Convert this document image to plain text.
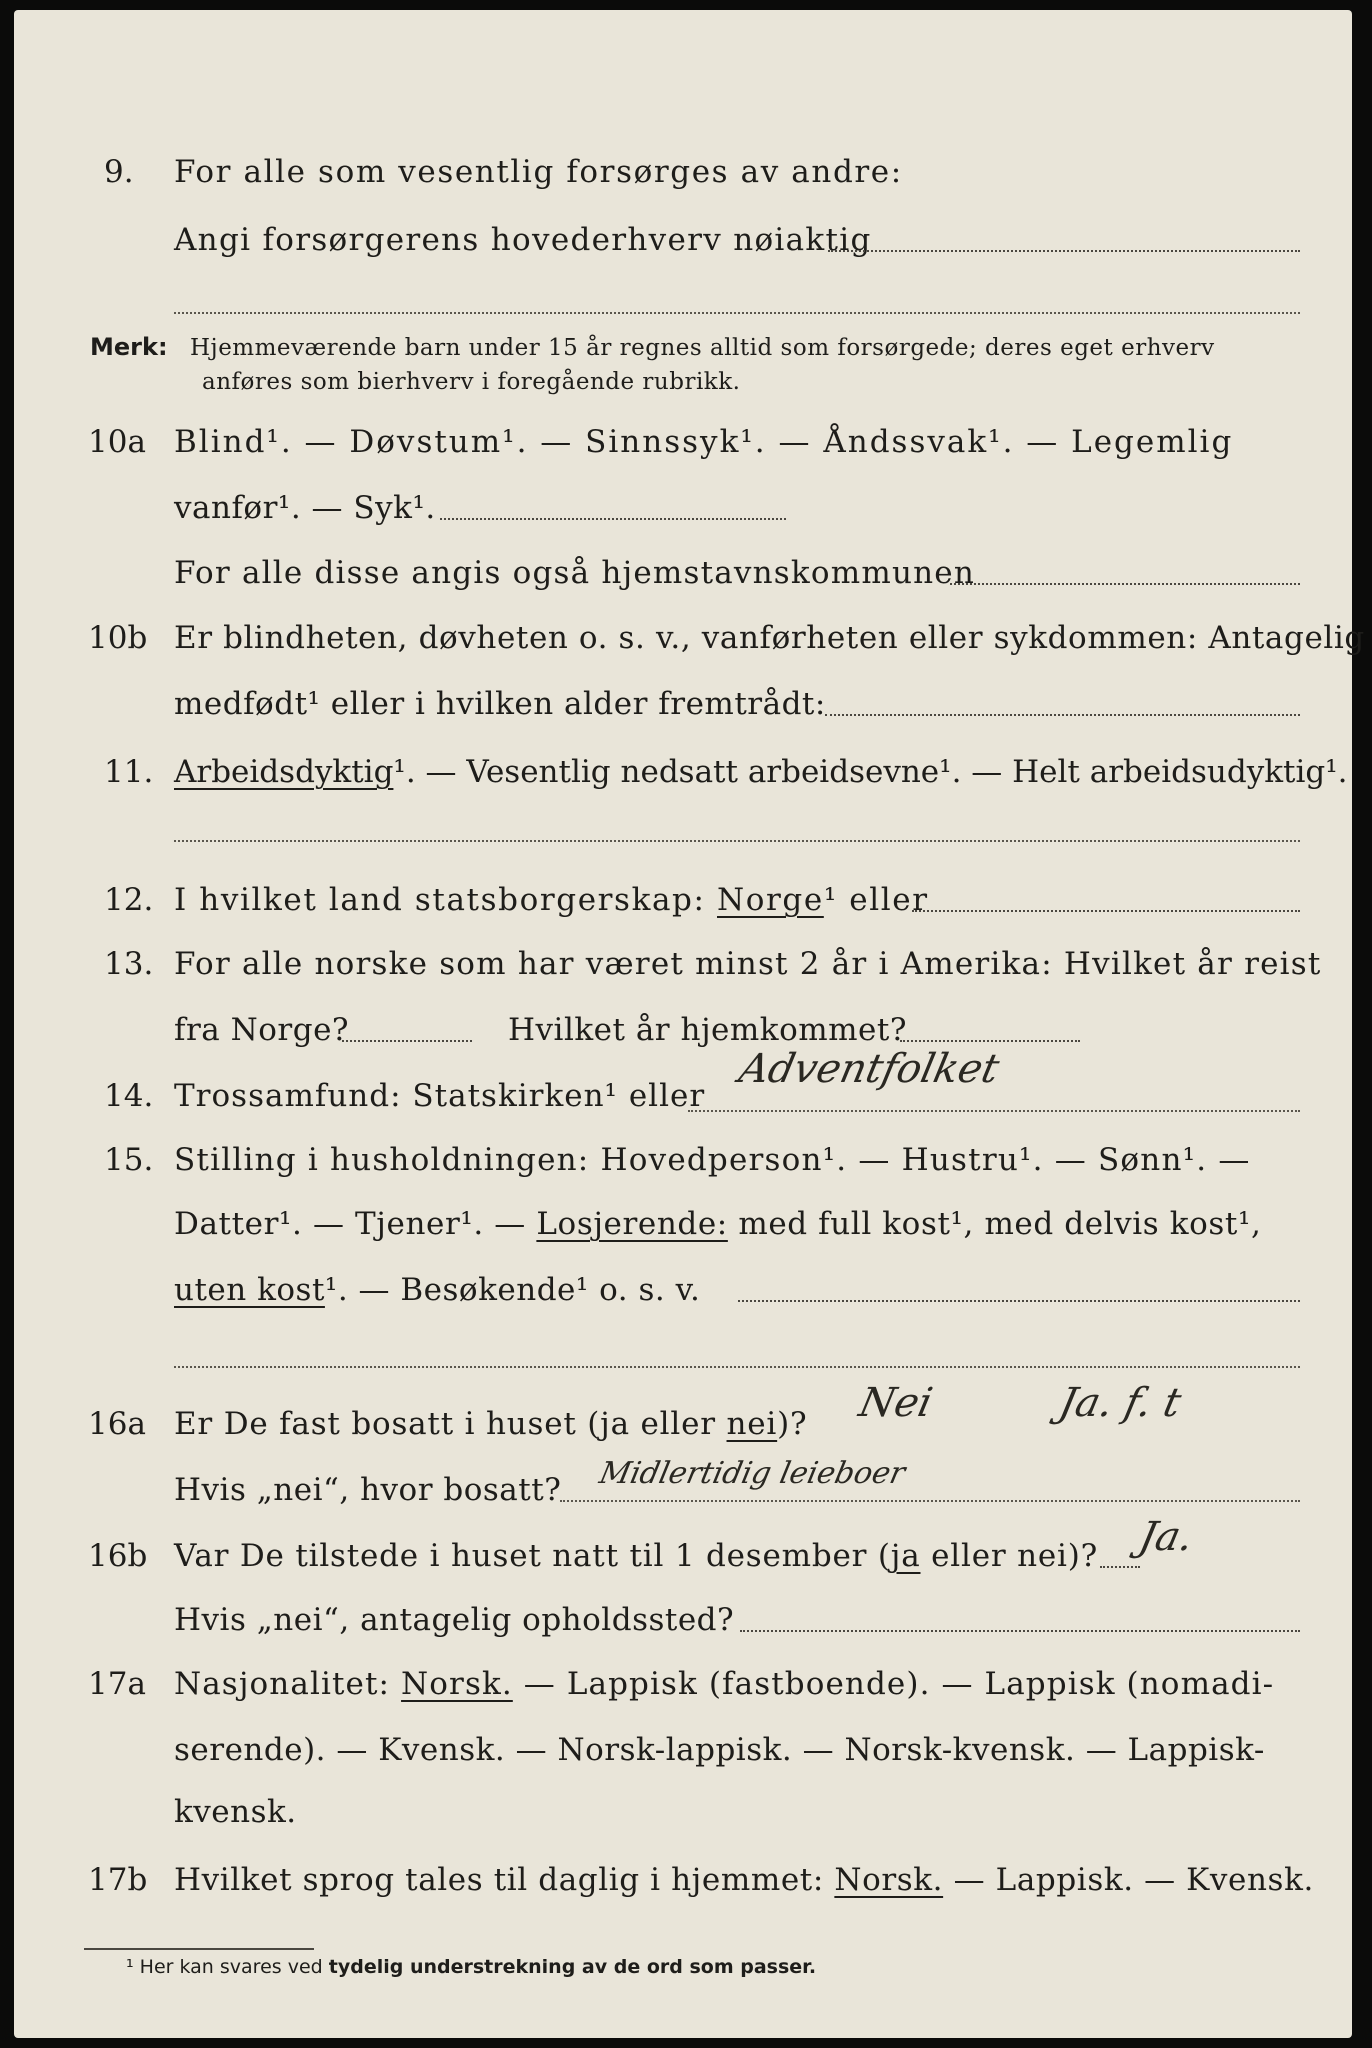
9. For alle som vesentlig forsørges av andre:
Angi forsørgerens hovederhverv nøiaktig
Merk: Hjemmeværende barn under 15 år regnes alltid som forsørgede; deres eget erhverv
anføres som bierhverv i foregående rubrikk.
10a Blind¹. — Døvstum¹. — Sinnssyk¹. — Åndssvak¹. — Legemlig
vanfør¹. — Syk¹.
For alle disse angis også hjemstavnskommunen
10b Er blindheten, døvheten o. s. v., vanførheten eller sykdommen: Antagelig
medfødt¹ eller i hvilken alder fremtrådt:
11. Arbeidsdyktig¹. — Vesentlig nedsatt arbeidsevne¹. — Helt arbeidsudyktig¹.
12. I hvilket land statsborgerskap: Norge¹ eller
13. For alle norske som har været minst 2 år i Amerika: Hvilket år reist
fra Norge?	Hvilket år hjemkommet?
14. Trossamfund: Statskirken¹ eller
Adventfolket
15. Stilling i husholdningen: Hovedperson¹. — Hustru¹. — Sønn¹. —
Datter¹. — Tjener¹. — Losjerende: med full kost¹, med delvis kost¹,
uten kost¹. — Besøkende¹ o. s. v.
16a Er De fast bosatt i huset (ja eller nei)? Nei	Ja. f. t
Hvis „nei“, hvor bosatt? Midlertidig leieboer
16b Var De tilstede i huset natt til 1 desember (ja eller nei)? Ja.
Hvis „nei“, antagelig opholdssted?
17a Nasjonalitet: Norsk. — Lappisk (fastboende). — Lappisk (nomadi-
serende). — Kvensk. — Norsk-lappisk. — Norsk-kvensk. — Lappisk-
kvensk.
17b Hvilket sprog tales til daglig i hjemmet: Norsk. — Lappisk. — Kvensk.
¹ Her kan svares ved tydelig understrekning av de ord som passer.
